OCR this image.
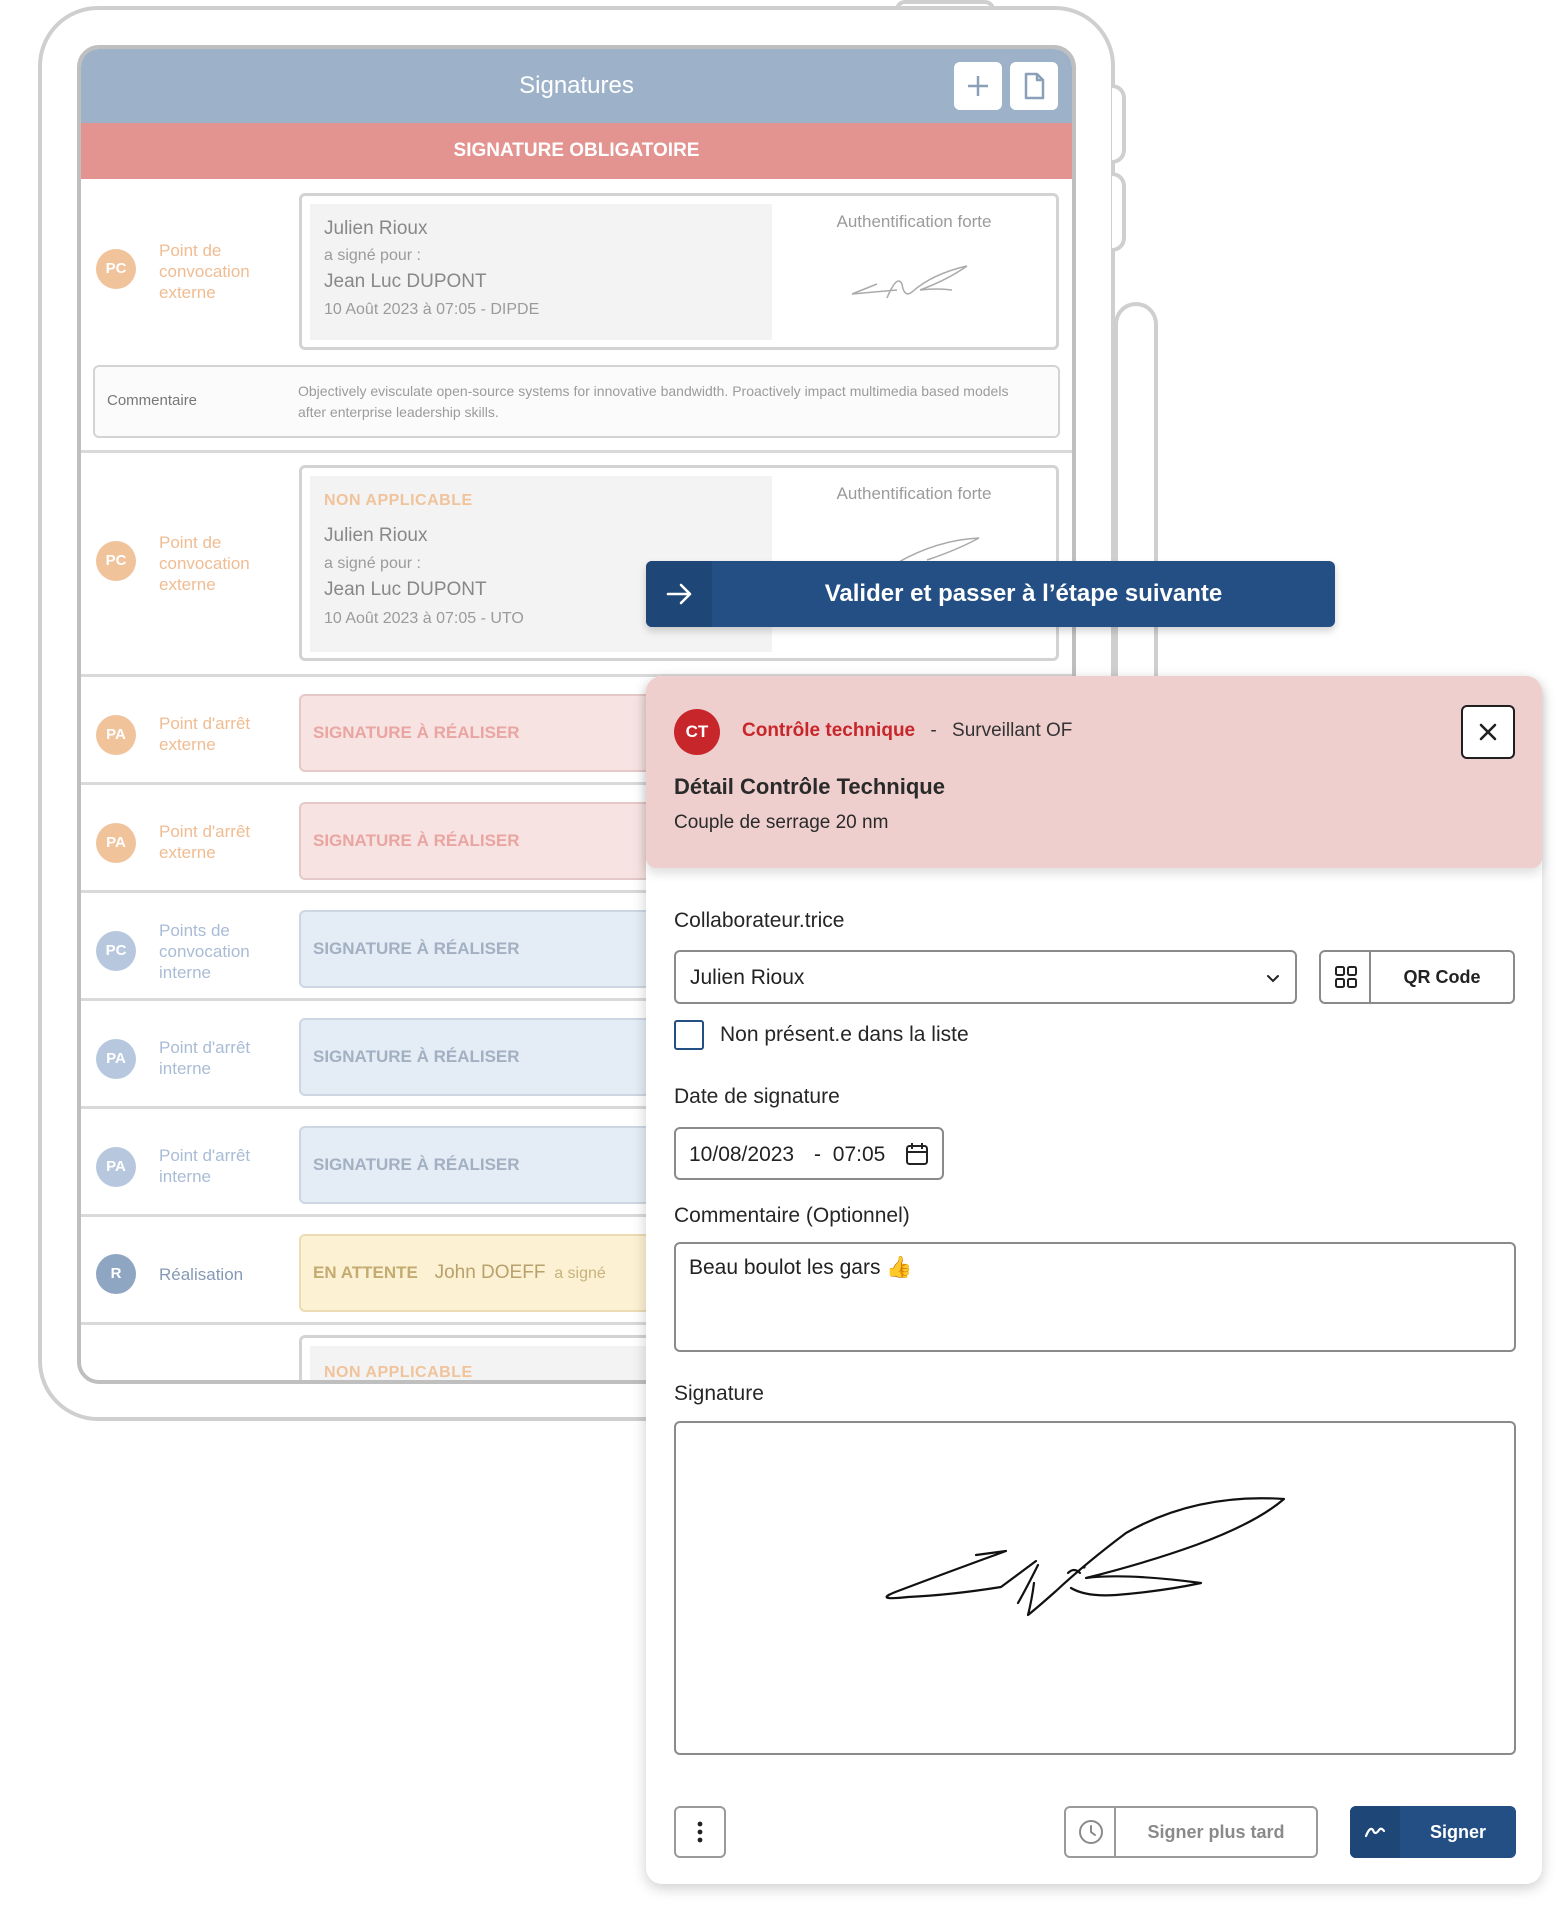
Signatures
SIGNATURE OBLIGATOIRE
PC
Point de
convocation
externe
Julien Rioux
a signé pour :
Jean Luc DUPONT
10 Août 2023 à 07:05 - DIPDE
Authentification forte
Commentaire
Objectively evisculate open-source systems for innovative bandwidth. Proactively impact multimedia based models after enterprise leadership skills.
PC
Point de
convocation
externe
NON APPLICABLE
Julien Rioux
a signé pour :
Jean Luc DUPONT
10 Août 2023 à 07:05 - UTO
Authentification forte
PA
Point d'arrêt
externe
SIGNATURE À RÉALISER
PA
Point d'arrêt
externe
SIGNATURE À RÉALISER
PC
Points de
convocation
interne
SIGNATURE À RÉALISER
PA
Point d'arrêt
interne
SIGNATURE À RÉALISER
PA
Point d'arrêt
interne
SIGNATURE À RÉALISER
R	Réalisation	EN ATTENTE John DOEFF a signé
NON APPLICABLE
Valider et passer à l’étape suivante
CT	Contrôle technique - Surveillant OF
Détail Contrôle Technique
Couple de serrage 20 nm
Collaborateur.trice
Julien Rioux	QR Code
Non présent.e dans la liste
Date de signature
10/08/2023 - 07:05
Commentaire (Optionnel)
Beau boulot les gars 👍
Signature
Signer plus tard	Signer
